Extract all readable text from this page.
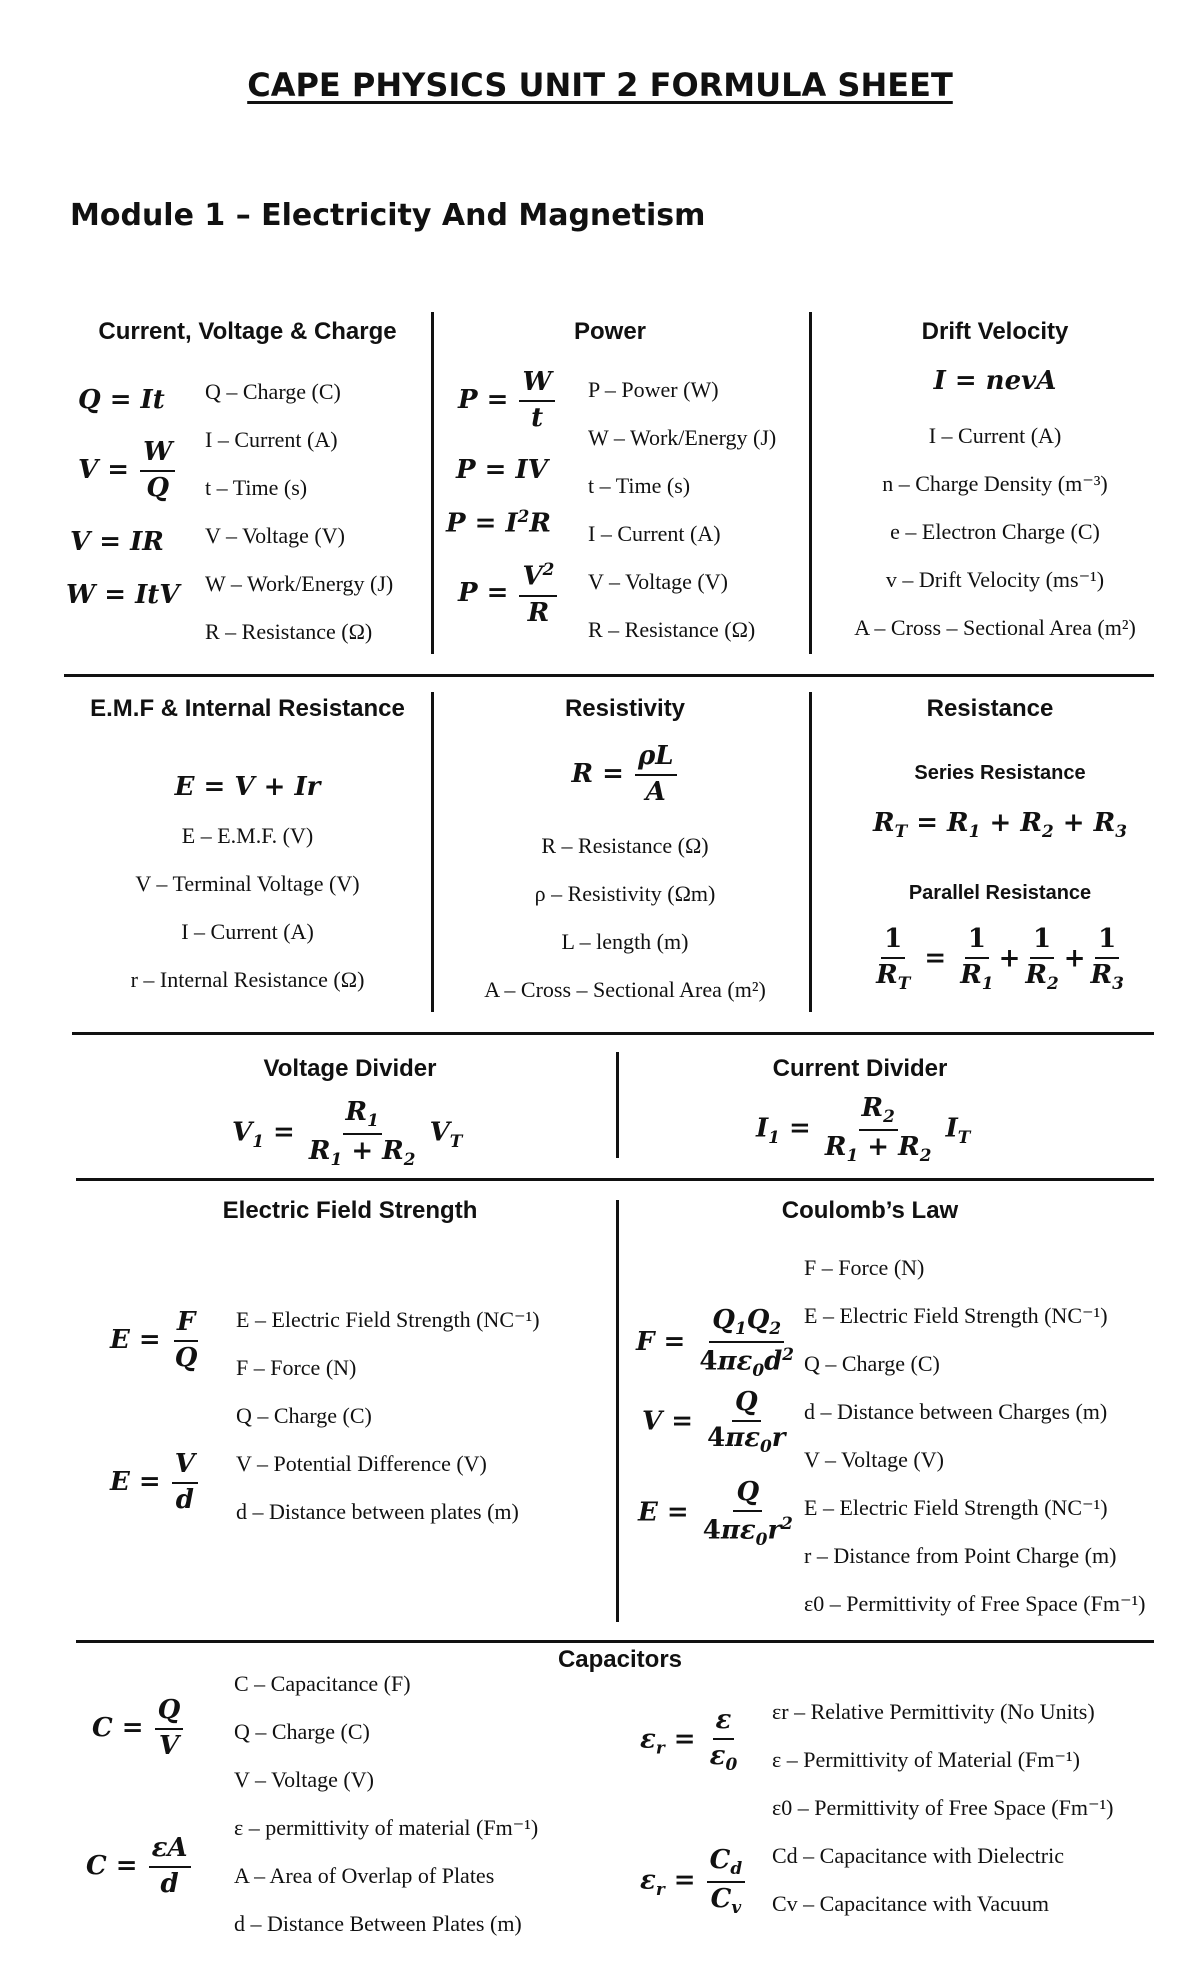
CAPE PHYSICS UNIT 2 FORMULA SHEET
Module 1 – Electricity And Magnetism
Current, Voltage & Charge
Q = It
$V = \frac{W}{Q}$
V = IR
W = ItV
Q – Charge (C)
I – Current (A)
t – Time (s)
V – Voltage (V)
W – Work/Energy (J)
R – Resistance (Ω)
Power
$P = \frac{W}{t}$
P = IV
$P = I^2R$
$P = \frac{V^2}{R}$
P – Power (W)
W – Work/Energy (J)
t – Time (s)
I – Current (A)
V – Voltage (V)
R – Resistance (Ω)
Drift Velocity
I = nevA
I – Current (A)
n – Charge Density (m⁻³)
e – Electron Charge (C)
v – Drift Velocity (ms⁻¹)
A – Cross – Sectional Area (m²)
E.M.F & Internal Resistance
E = V + Ir
E – E.M.F. (V)
V – Terminal Voltage (V)
I – Current (A)
r – Internal Resistance (Ω)
Resistivity
$R = \frac{\rho L}{A}$
R – Resistance (Ω)
ρ – Resistivity (Ωm)
L – length (m)
A – Cross – Sectional Area (m²)
Resistance
Series Resistance
$R_T = R_1 + R_2 + R_3$
Parallel Resistance
$\frac{1}{R_T} = \frac{1}{R_1} + \frac{1}{R_2} + \frac{1}{R_3}$
Voltage Divider
$V_1 = \frac{R_1}{R_1 + R_2} V_T$
Current Divider
$I_1 = \frac{R_2}{R_1 + R_2} I_T$
Electric Field Strength
$E = \frac{F}{Q}$
$E = \frac{V}{d}$
E – Electric Field Strength (NC⁻¹)
F – Force (N)
Q – Charge (C)
V – Potential Difference (V)
d – Distance between plates (m)
Coulomb’s Law
$F = \frac{Q_1Q_2}{4\pi\varepsilon_0d^2}$
$V = \frac{Q}{4\pi\varepsilon_0r}$
$E = \frac{Q}{4\pi\varepsilon_0r^2}$
F – Force (N)
E – Electric Field Strength (NC⁻¹)
Q – Charge (C)
d – Distance between Charges (m)
V – Voltage (V)
E – Electric Field Strength (NC⁻¹)
r – Distance from Point Charge (m)
ε0 – Permittivity of Free Space (Fm⁻¹)
Capacitors
$C = \frac{Q}{V}$
$C = \frac{\varepsilon A}{d}$
C – Capacitance (F)
Q – Charge (C)
V – Voltage (V)
ε – permittivity of material (Fm⁻¹)
A – Area of Overlap of Plates
d – Distance Between Plates (m)
$\varepsilon_r = \frac{\varepsilon}{\varepsilon_0}$
$\varepsilon_r = \frac{C_d}{C_v}$
εr – Relative Permittivity (No Units)
ε – Permittivity of Material (Fm⁻¹)
ε0 – Permittivity of Free Space (Fm⁻¹)
Cd – Capacitance with Dielectric
Cv – Capacitance with Vacuum
